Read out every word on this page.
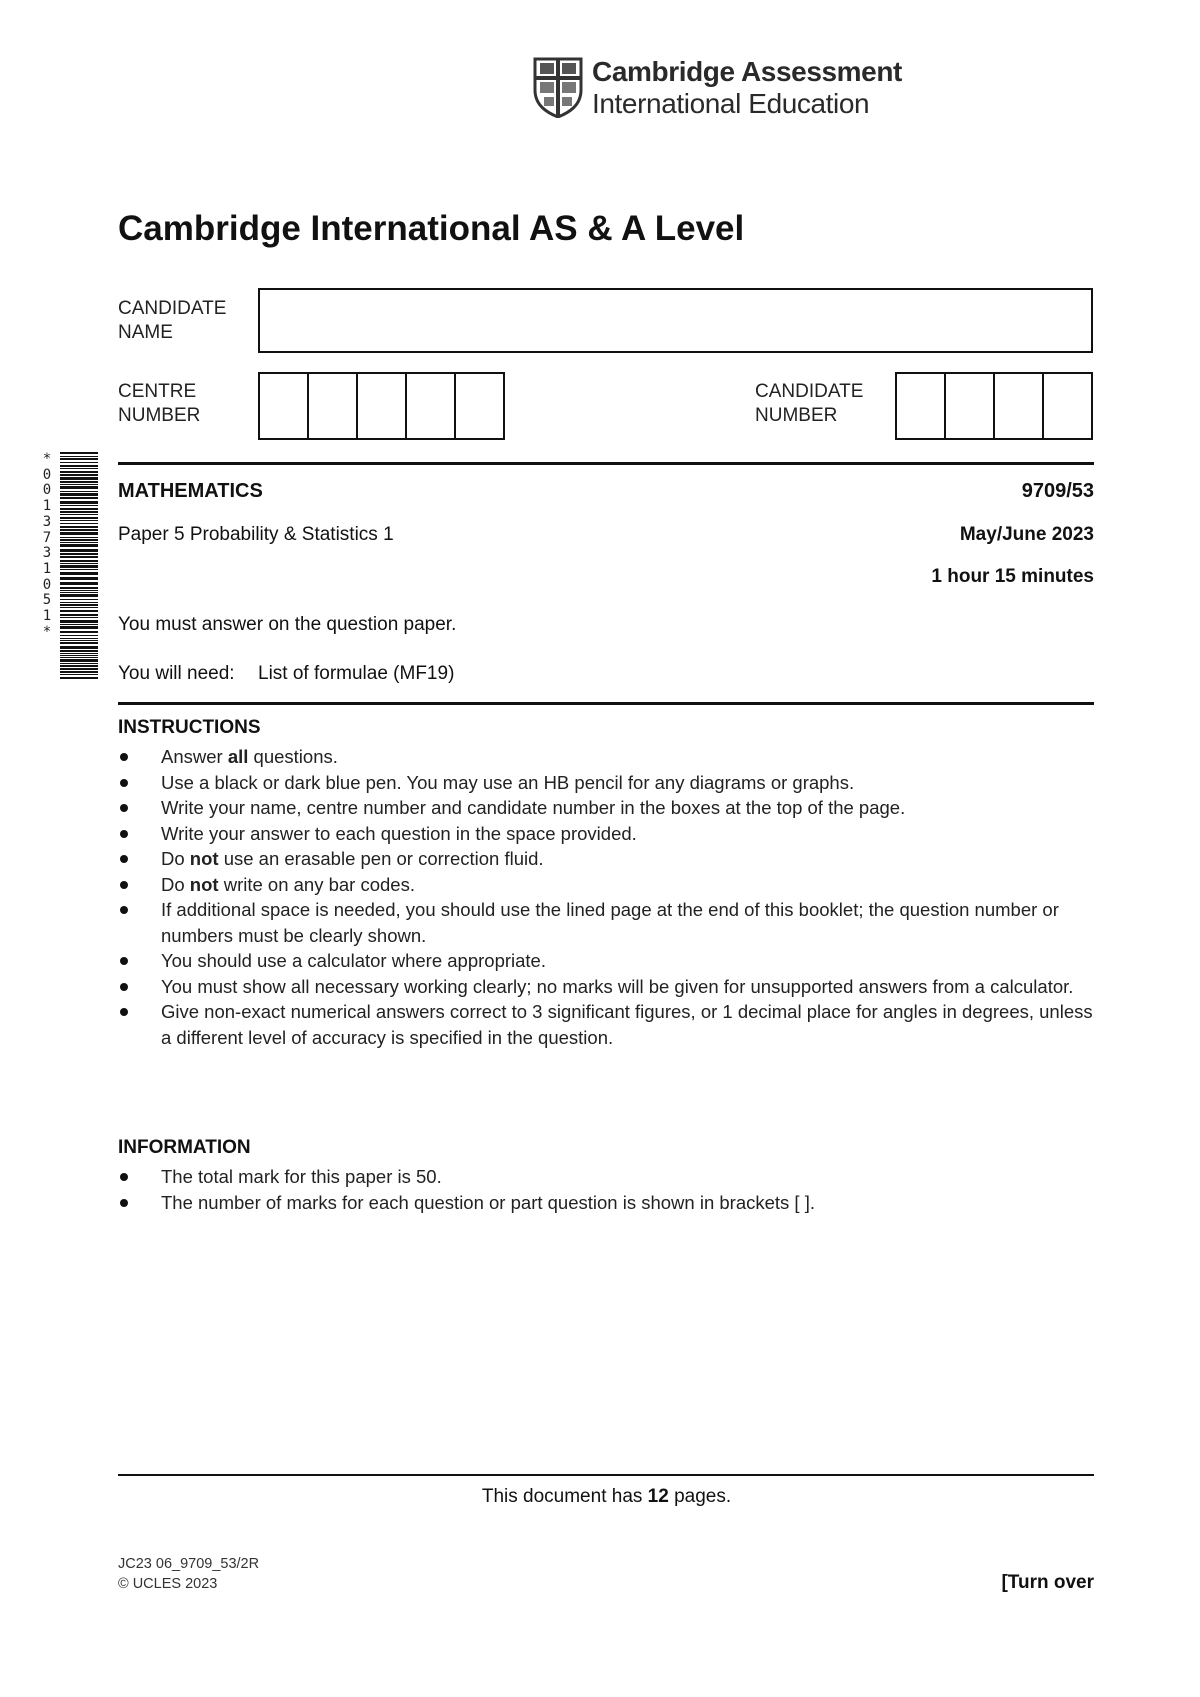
Cambridge Assessment
International Education
Cambridge International AS & A Level
CANDIDATE
NAME
CENTRE
NUMBER
CANDIDATE
NUMBER
*
0
0
1
3
7
3
1
0
5
1
*
MATHEMATICS	9709/53
Paper 5 Probability & Statistics 1	May/June 2023
1 hour 15 minutes
You must answer on the question paper.
You will need: List of formulae (MF19)
INSTRUCTIONS
Answer all questions.
Use a black or dark blue pen. You may use an HB pencil for any diagrams or graphs.
Write your name, centre number and candidate number in the boxes at the top of the page.
Write your answer to each question in the space provided.
Do not use an erasable pen or correction fluid.
Do not write on any bar codes.
If additional space is needed, you should use the lined page at the end of this booklet; the question number or numbers must be clearly shown.
You should use a calculator where appropriate.
You must show all necessary working clearly; no marks will be given for unsupported answers from a calculator.
Give non-exact numerical answers correct to 3 significant figures, or 1 decimal place for angles in degrees, unless a different level of accuracy is specified in the question.
INFORMATION
The total mark for this paper is 50.
The number of marks for each question or part question is shown in brackets [ ].
This document has 12 pages.
JC23 06_9709_53/2R
© UCLES 2023	[Turn over
